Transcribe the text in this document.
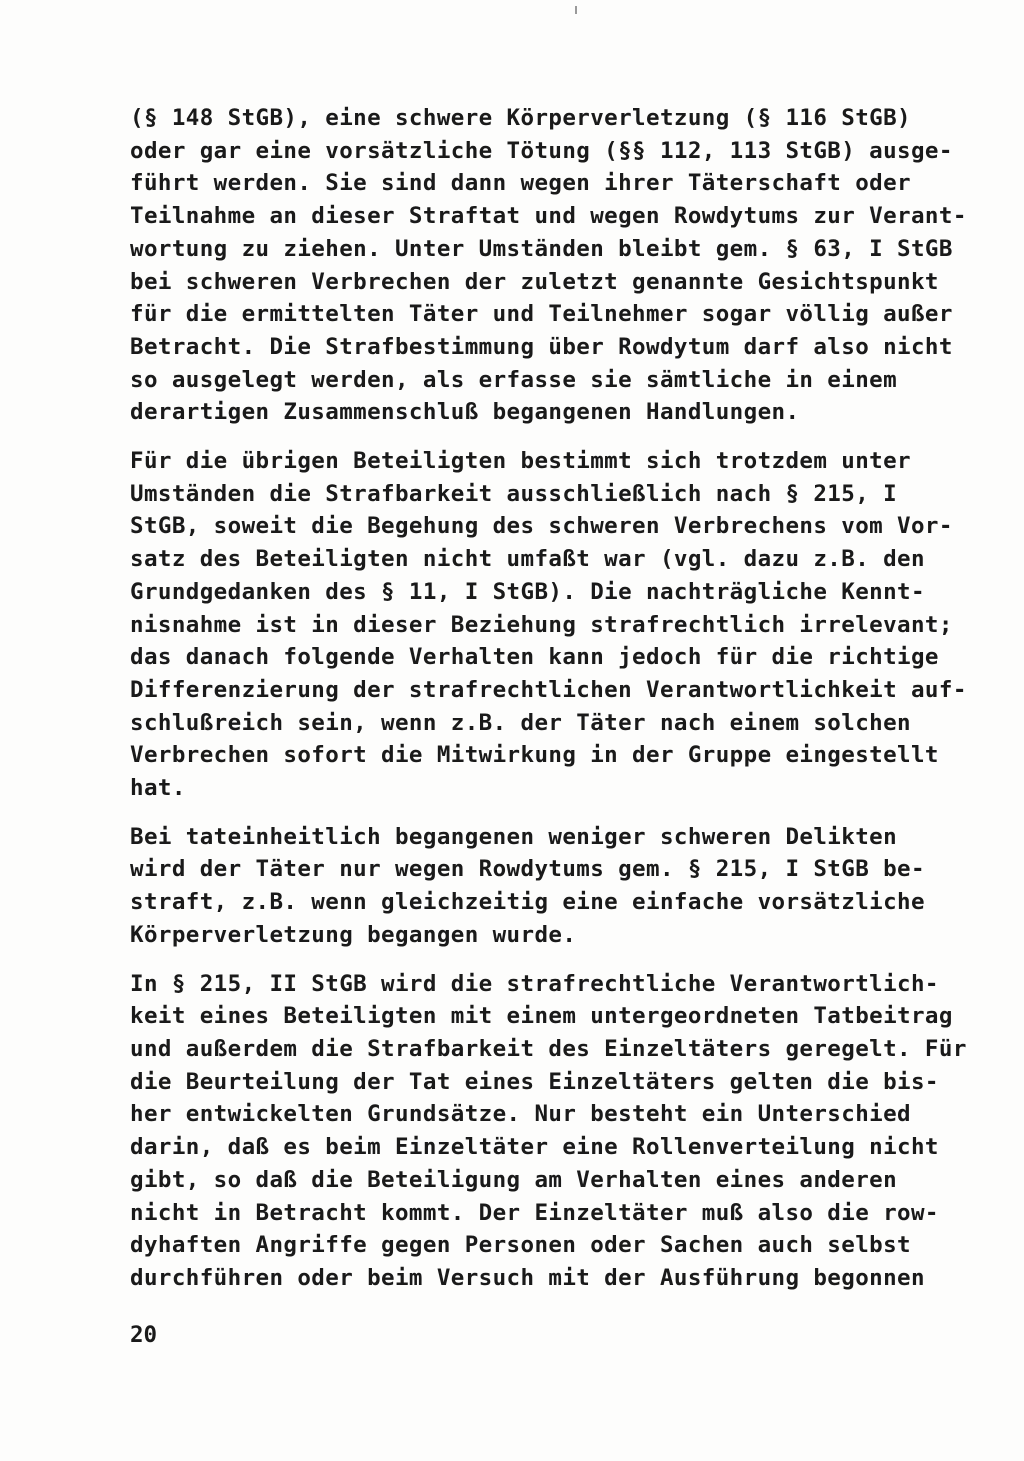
(§ 148 StGB), eine schwere Körperverletzung (§ 116 StGB)
oder gar eine vorsätzliche Tötung (§§ 112, 113 StGB) ausge-
führt werden. Sie sind dann wegen ihrer Täterschaft oder
Teilnahme an dieser Straftat und wegen Rowdytums zur Verant-
wortung zu ziehen. Unter Umständen bleibt gem. § 63, I StGB
bei schweren Verbrechen der zuletzt genannte Gesichtspunkt
für die ermittelten Täter und Teilnehmer sogar völlig außer
Betracht. Die Strafbestimmung über Rowdytum darf also nicht
so ausgelegt werden, als erfasse sie sämtliche in einem
derartigen Zusammenschluß begangenen Handlungen.

Für die übrigen Beteiligten bestimmt sich trotzdem unter
Umständen die Strafbarkeit ausschließlich nach § 215, I
StGB, soweit die Begehung des schweren Verbrechens vom Vor-
satz des Beteiligten nicht umfaßt war (vgl. dazu z.B. den
Grundgedanken des § 11, I StGB). Die nachträgliche Kennt-
nisnahme ist in dieser Beziehung strafrechtlich irrelevant;
das danach folgende Verhalten kann jedoch für die richtige
Differenzierung der strafrechtlichen Verantwortlichkeit auf-
schlußreich sein, wenn z.B. der Täter nach einem solchen
Verbrechen sofort die Mitwirkung in der Gruppe eingestellt
hat.

Bei tateinheitlich begangenen weniger schweren Delikten
wird der Täter nur wegen Rowdytums gem. § 215, I StGB be-
straft, z.B. wenn gleichzeitig eine einfache vorsätzliche
Körperverletzung begangen wurde.

In § 215, II StGB wird die strafrechtliche Verantwortlich-
keit eines Beteiligten mit einem untergeordneten Tatbeitrag
und außerdem die Strafbarkeit des Einzeltäters geregelt. Für
die Beurteilung der Tat eines Einzeltäters gelten die bis-
her entwickelten Grundsätze. Nur besteht ein Unterschied
darin, daß es beim Einzeltäter eine Rollenverteilung nicht
gibt, so daß die Beteiligung am Verhalten eines anderen
nicht in Betracht kommt. Der Einzeltäter muß also die row-
dyhaften Angriffe gegen Personen oder Sachen auch selbst
durchführen oder beim Versuch mit der Ausführung begonnen

20
